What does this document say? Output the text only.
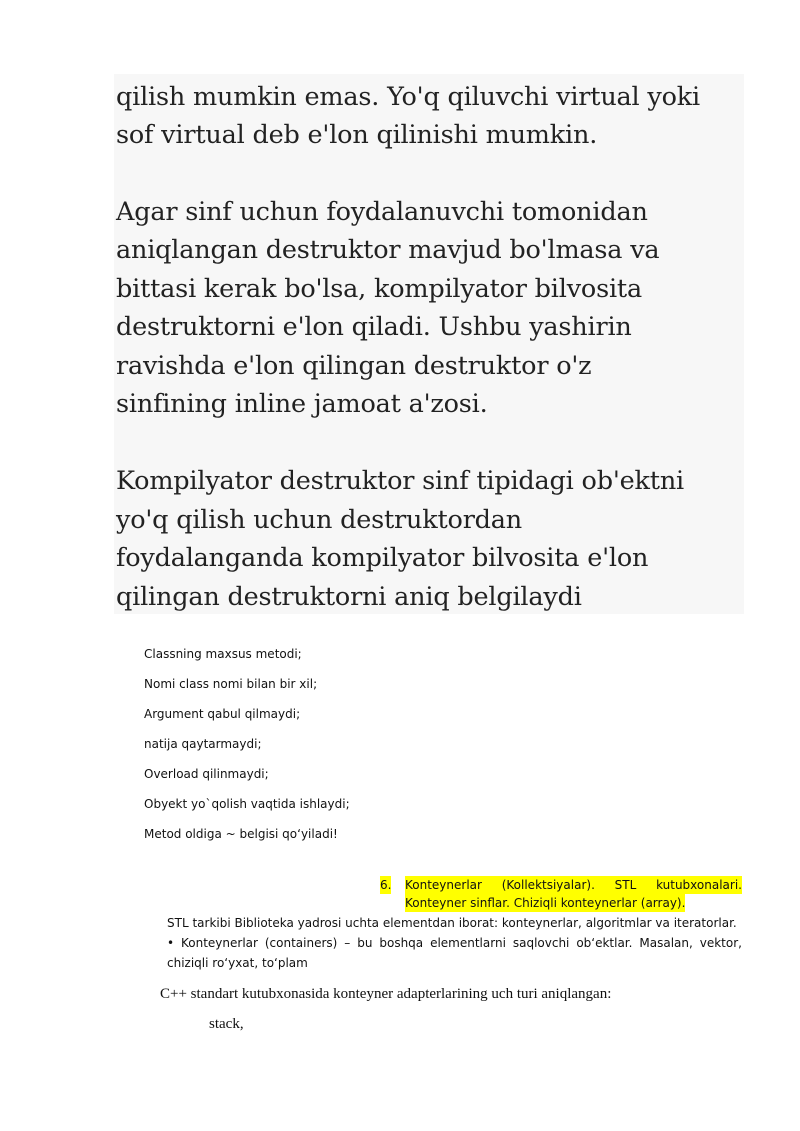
qilish mumkin emas. Yo'q qiluvchi virtual yoki

sof virtual deb e'lon qilinishi mumkin.

Agar sinf uchun foydalanuvchi tomonidan

aniqlangan destruktor mavjud bo'lmasa va

bittasi kerak bo'lsa, kompilyator bilvosita

destruktorni e'lon qiladi. Ushbu yashirin

ravishda e'lon qilingan destruktor o'z

sinfining inline jamoat a'zosi.

Kompilyator destruktor sinf tipidagi ob'ektni

yo'q qilish uchun destruktordan

foydalanganda kompilyator bilvosita e'lon

qilingan destruktorni aniq belgilaydi

Classning maxsus metodi;

Nomi class nomi bilan bir xil;

Argument qabul qilmaydi;

natija qaytarmaydi;

Overload qilinmaydi;

Obyekt yo`qolish vaqtida ishlaydi;

Metod oldiga ~ belgisi qo‘yiladi!

6. Konteynerlar (Kollektsiyalar). STL kutubxonalari.
Konteyner sinflar. Chiziqli konteynerlar (array).
STL tarkibi Biblioteka yadrosi uchta elementdan iborat: konteynerlar, algoritmlar va iteratorlar.
• Konteynerlar (containers) – bu boshqa elementlarni saqlovchi ob‘ektlar. Masalan, vektor,
chiziqli ro‘yxat, to‘plam
C++ standart kutubxonasida konteyner adapterlarining uch turi aniqlangan:
stack,
